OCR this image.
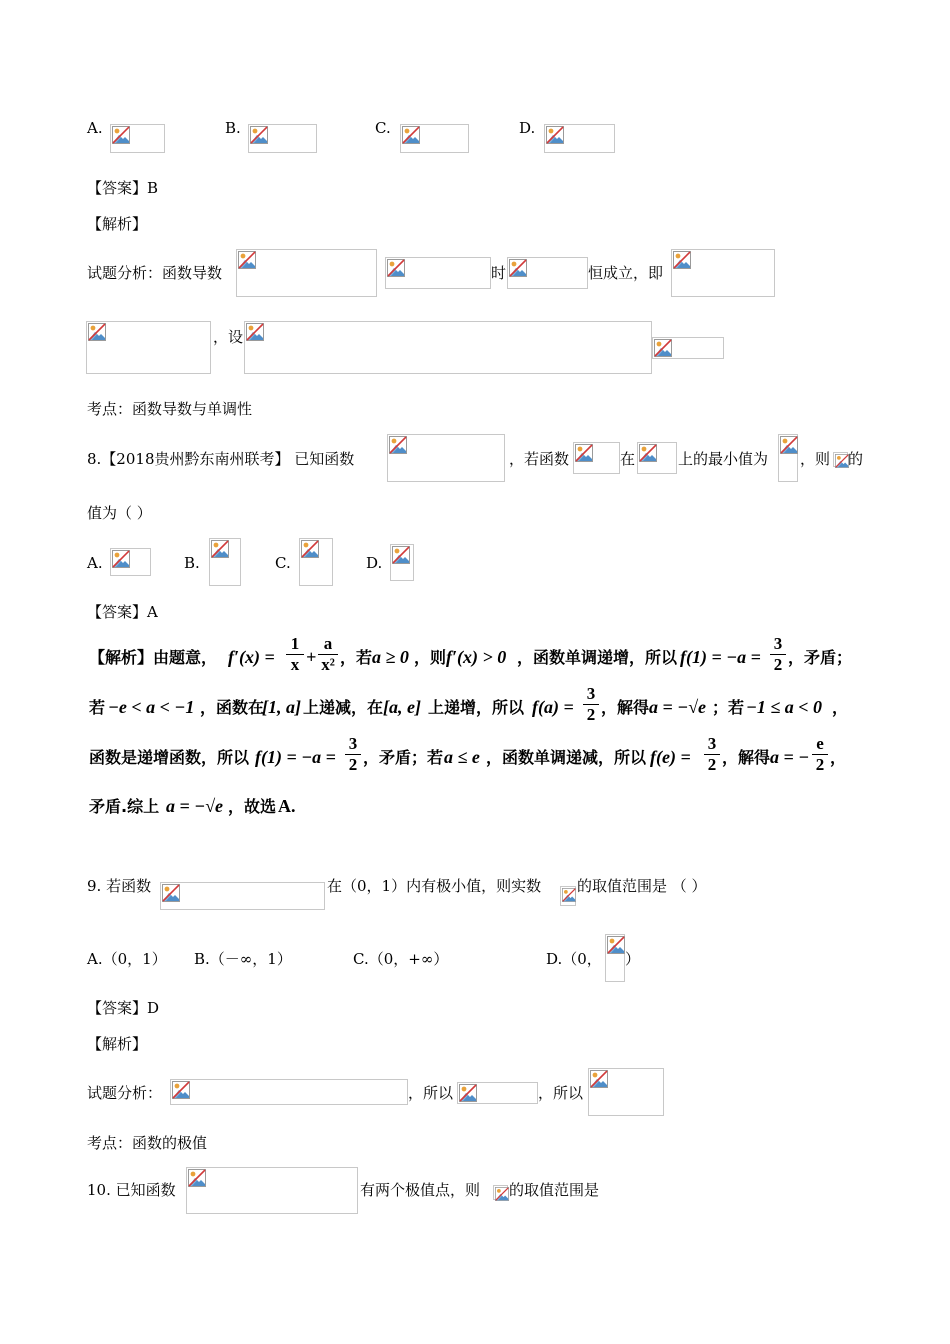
A.	B.	C.	D.
【答案】B
【解析】
试题分析：函数导数	时	恒成立，即
，设
考点：函数导数与单调性
8.【2018贵州黔东南州联考】 已知函数	，若函数	在	上的最小值为 ，则 的
值为（ ）
A.	B.	C.	D.
【答案】A
【解析】由题意， $f'(x) = \frac{1}{x} + \frac{a}{\text{x²}}$ ，若 a ≥ 0 ，则 f′(x) > 0 ，函数单调递增，所以 $f(1) = -a = \frac{3}{2}$ ，矛盾；
若 −e < a < −1 ，函数在
[1, a] 上递减，在 [a, e] 上递增，所以 $f(a) = \frac{3}{2}$ ，解得 a = −√e ；若 −1 ≤ a < 0 ，
函数是递增函数，所以 $f(1) = -a = \frac{3}{2}$ ，矛盾；若 a ≤ e ，函数单调递减，所以 $f(e) = \frac{3}{2}$ ，解得 a = − $\frac{e}{2}$ ，
矛盾.综上 a = −√e ，故选 A.
9. 若函数	在（0，1）内有极小值，则实数 的取值范围是 （ ）
A.（0，1） B.（－∞，1）	C.（0，+∞）	D.（0， ）
【答案】D
【解析】
试题分析：	，所以	，所以
考点：函数的极值
10. 已知函数	有两个极值点，则 的取值范围是
